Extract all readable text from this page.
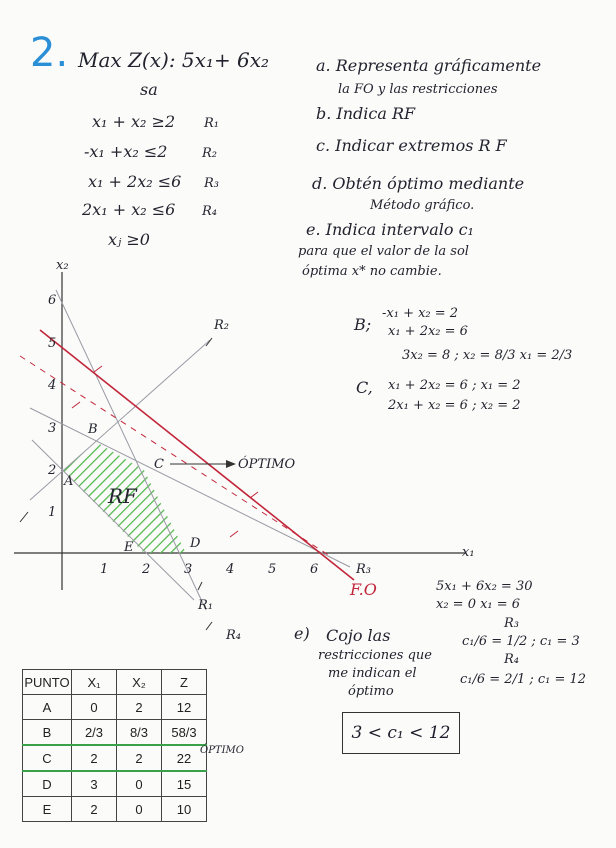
2. Max Z(x): 5x₁+ 6x₂
sa
x₁ + x₂ ≥2 R₁
-x₁ +x₂ ≤2	R₂
x₁ + 2x₂ ≤6 R₃
2x₁ + x₂ ≤6 R₄
xⱼ ≥0
a. Representa gráficamente
la FO y las restricciones
b. Indica RF
c. Indicar extremos R F
d. Obtén óptimo mediante
Método gráfico.
e. Indica intervalo c₁
para que el valor de la sol
óptima x* no cambie.
B;
-x₁ + x₂ = 2
x₁ + 2x₂ = 6
3x₂ = 8 ; x₂ = 8/3 x₁ = 2/3
C, x₁ + 2x₂ = 6 ; x₁ = 2
2x₁ + x₂ = 6 ; x₂ = 2
5x₁ + 6x₂ = 30
x₂ = 0 x₁ = 6
x₂
x₁
1
2
3
4
5
6
1	2	3	4	5	6
A
B
C
D
E
RF
R₁
R₂
R₃
R₄
F.O
ÓPTIMO
e) Cojo las
restricciones que
me indican el
óptimo
R₃
c₁/6 = 1/2 ; c₁ = 3
R₄
c₁/6 = 2/1 ; c₁ = 12
3 < c₁ < 12
PUNTO	X₁	X₂	Z
A	0	2	12
B	2/3	8/3	58/3
C	2	2	22
D	3	0	15
E	2	0	10
ÓPTIMO
